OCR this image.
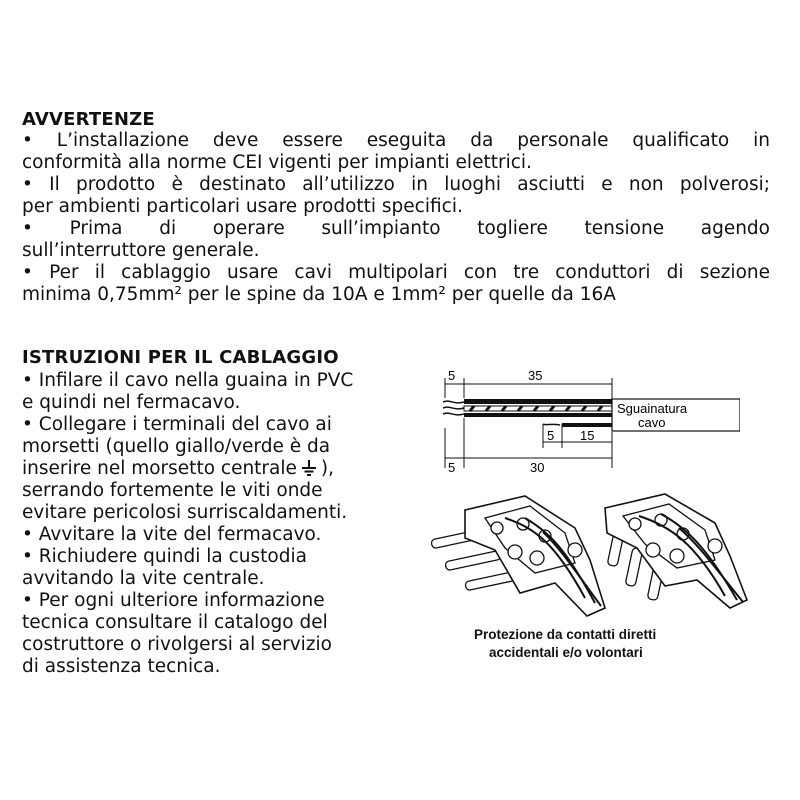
AVVERTENZE
• L’installazione deve essere eseguita da personale qualificato in
conformità alla norme CEI vigenti per impianti elettrici.
• Il prodotto è destinato all’utilizzo in luoghi asciutti e non polverosi;
per ambienti particolari usare prodotti specifici.
• Prima di operare sull’impianto togliere tensione agendo
sull’interruttore generale.
• Per il cablaggio usare cavi multipolari con tre conduttori di sezione
minima 0,75mm² per le spine da 10A e 1mm² per quelle da 16A
ISTRUZIONI PER IL CABLAGGIO
• Infilare il cavo nella guaina in PVC
e quindi nel fermacavo.
• Collegare i terminali del cavo ai
morsetti (quello giallo/verde è da
inserire nel morsetto centrale ),
serrando fortemente le viti onde
evitare pericolosi surriscaldamenti.
• Avvitare la vite del fermacavo.
• Richiudere quindi la custodia
avvitando la vite centrale.
• Per ogni ulteriore informazione
tecnica consultare il catalogo del
costruttore o rivolgersi al servizio
di assistenza tecnica.
5	35
Sguainatura
cavo
5 15
5	30
Protezione da contatti diretti
accidentali e/o volontari
